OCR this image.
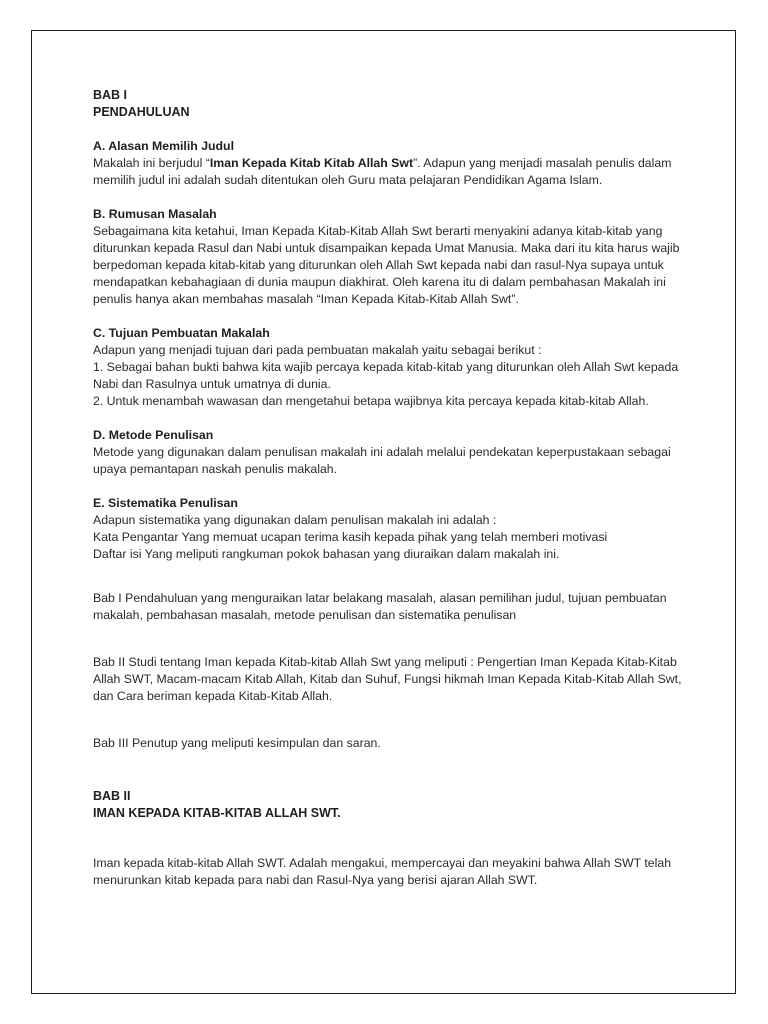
BAB I
PENDAHULUAN
A. Alasan Memilih Judul

Makalah ini berjudul “Iman Kepada Kitab Kitab Allah Swt”. Adapun yang menjadi masalah penulis dalam memilih judul ini adalah sudah ditentukan oleh Guru mata pelajaran Pendidikan Agama Islam.

B. Rumusan Masalah

Sebagaimana kita ketahui, Iman Kepada Kitab-Kitab Allah Swt berarti menyakini adanya kitab-kitab yang diturunkan kepada Rasul dan Nabi untuk disampaikan kepada Umat Manusia. Maka dari itu kita harus wajib berpedoman kepada kitab-kitab yang diturunkan oleh Allah Swt kepada nabi dan rasul-Nya supaya untuk mendapatkan kebahagiaan di dunia maupun diakhirat. Oleh karena itu di dalam pembahasan Makalah ini penulis hanya akan membahas masalah “Iman Kepada Kitab-Kitab Allah Swt”.

C. Tujuan Pembuatan Makalah

Adapun yang menjadi tujuan dari pada pembuatan makalah yaitu sebagai berikut :

1. Sebagai bahan bukti bahwa kita wajib percaya kepada kitab-kitab yang diturunkan oleh Allah Swt kepada Nabi dan Rasulnya untuk umatnya di dunia.

2. Untuk menambah wawasan dan mengetahui betapa wajibnya kita percaya kepada kitab-kitab Allah.

D. Metode Penulisan

Metode yang digunakan dalam penulisan makalah ini adalah melalui pendekatan keperpustakaan sebagai upaya pemantapan naskah penulis makalah.

E. Sistematika Penulisan

Adapun sistematika yang digunakan dalam penulisan makalah ini adalah :

Kata Pengantar Yang memuat ucapan terima kasih kepada pihak yang telah memberi motivasi

Daftar isi Yang meliputi rangkuman pokok bahasan yang diuraikan dalam makalah ini.

Bab I Pendahuluan yang menguraikan latar belakang masalah, alasan pemilihan judul, tujuan pembuatan makalah, pembahasan masalah, metode penulisan dan sistematika penulisan

Bab II Studi tentang Iman kepada Kitab-kitab Allah Swt yang meliputi : Pengertian Iman Kepada Kitab-Kitab Allah SWT, Macam-macam Kitab Allah, Kitab dan Suhuf, Fungsi hikmah Iman Kepada Kitab-Kitab Allah Swt, dan Cara beriman kepada Kitab-Kitab Allah.

Bab III Penutup yang meliputi kesimpulan dan saran.

BAB II
IMAN KEPADA KITAB-KITAB ALLAH SWT.

Iman kepada kitab-kitab Allah SWT. Adalah mengakui, mempercayai dan meyakini bahwa Allah SWT telah menurunkan kitab kepada para nabi dan Rasul-Nya yang berisi ajaran Allah SWT.
